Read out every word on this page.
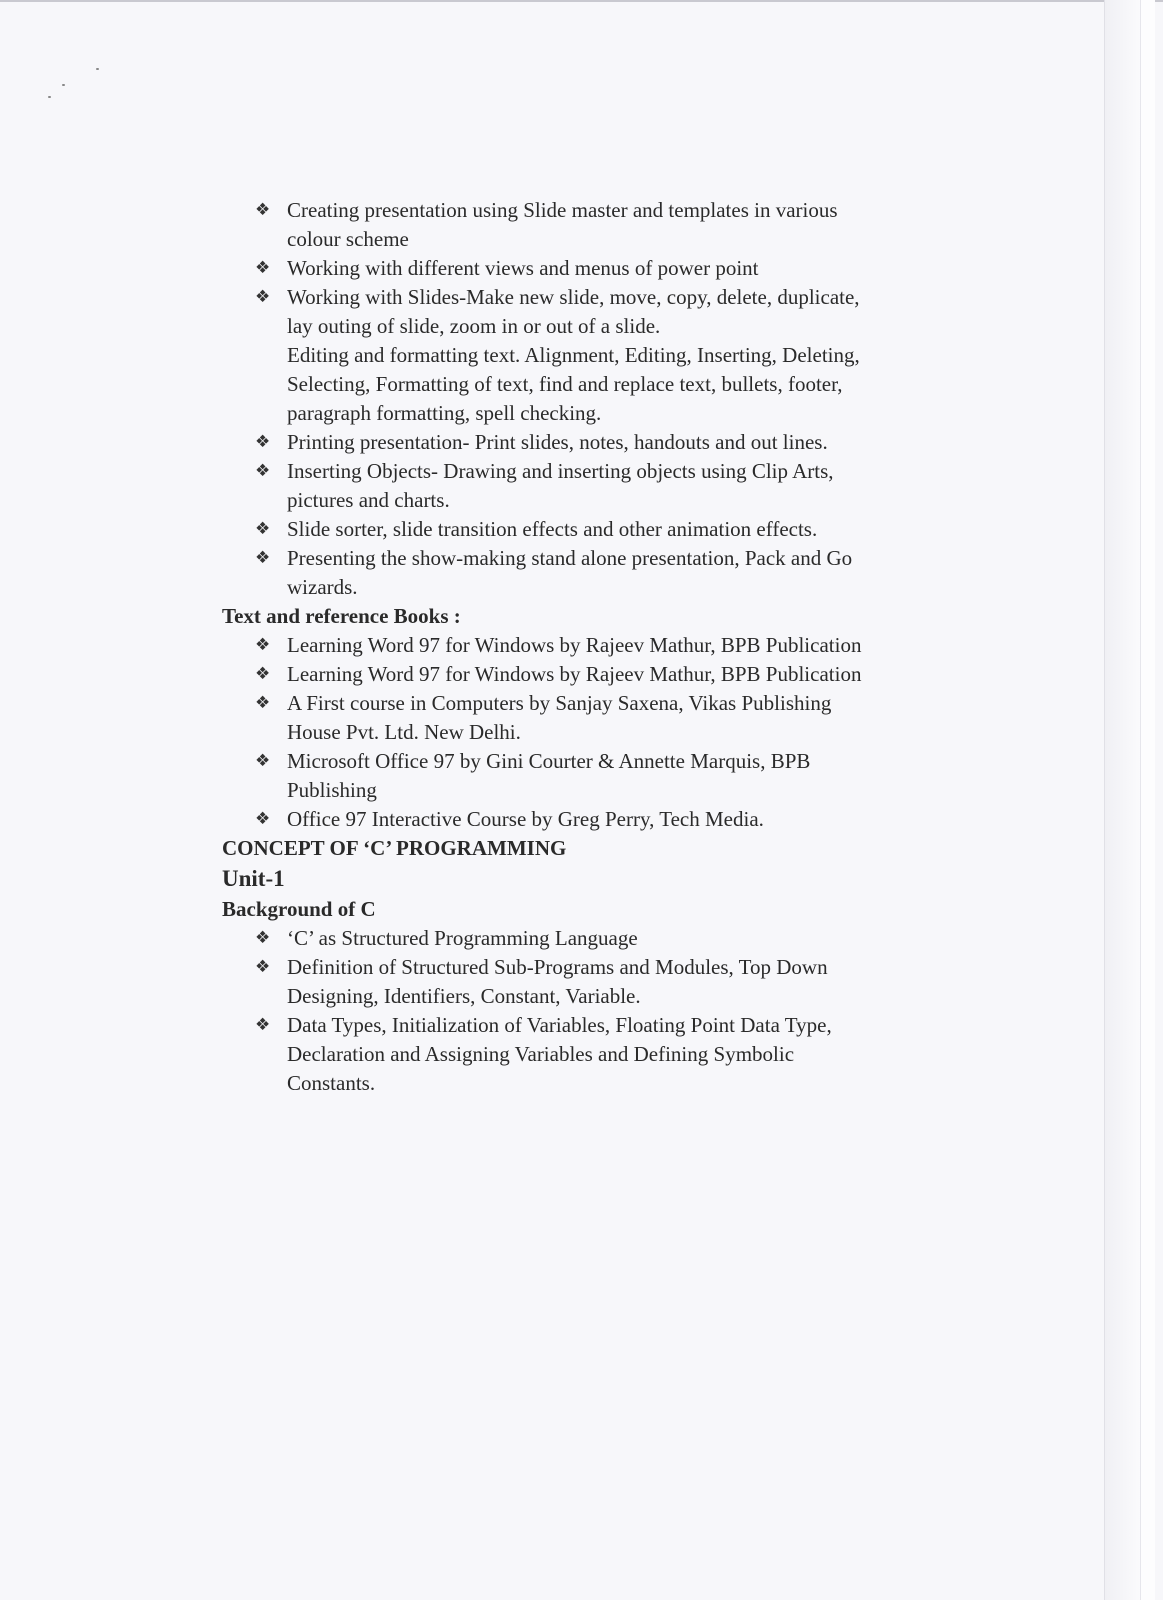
❖ Creating presentation using Slide master and templates in various colour scheme
❖ Working with different views and menus of power point
❖ Working with Slides-Make new slide, move, copy, delete, duplicate, lay outing of slide, zoom in or out of a slide.
Editing and formatting text. Alignment, Editing, Inserting, Deleting, Selecting, Formatting of text, find and replace text, bullets, footer, paragraph formatting, spell checking.
❖ Printing presentation- Print slides, notes, handouts and out lines.
❖ Inserting Objects- Drawing and inserting objects using Clip Arts, pictures and charts.
❖ Slide sorter, slide transition effects and other animation effects.
❖ Presenting the show-making stand alone presentation, Pack and Go wizards.
Text and reference Books :
❖ Learning Word 97 for Windows by Rajeev Mathur, BPB Publication
❖ Learning Word 97 for Windows by Rajeev Mathur, BPB Publication
❖ A First course in Computers by Sanjay Saxena, Vikas Publishing House Pvt. Ltd. New Delhi.
❖ Microsoft Office 97 by Gini Courter & Annette Marquis, BPB Publishing
❖ Office 97 Interactive Course by Greg Perry, Tech Media.
CONCEPT OF ‘C’ PROGRAMMING
Unit-1
Background of C
❖ ‘C’ as Structured Programming Language
❖ Definition of Structured Sub-Programs and Modules, Top Down Designing, Identifiers, Constant, Variable.
❖ Data Types, Initialization of Variables, Floating Point Data Type, Declaration and Assigning Variables and Defining Symbolic Constants.
